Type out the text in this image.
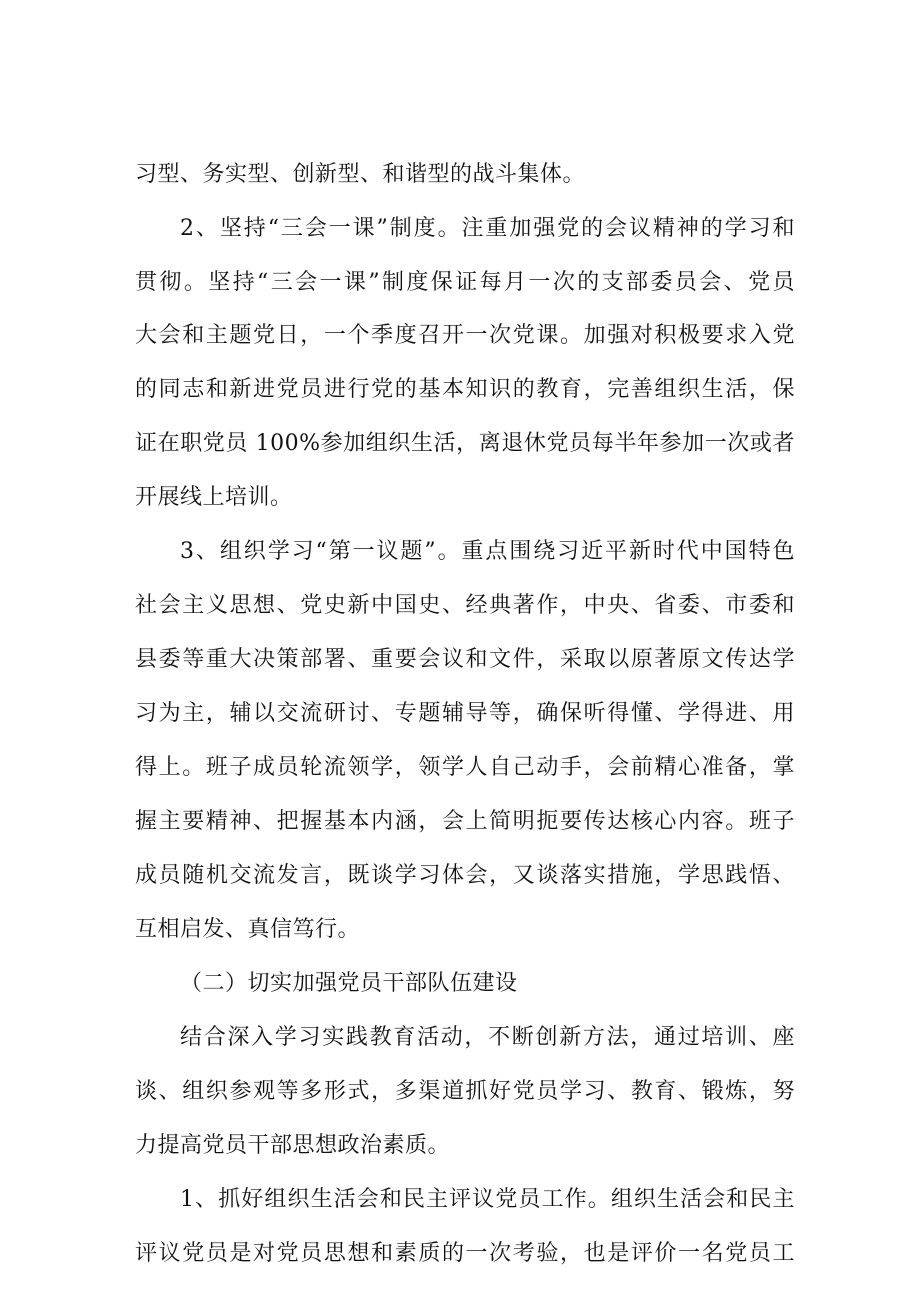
习型、务实型、创新型、和谐型的战斗集体。
2、坚持“三会一课”制度。注重加强党的会议精神的学习和
贯彻。坚持“三会一课”制度保证每月一次的支部委员会、党员
大会和主题党日，一个季度召开一次党课。加强对积极要求入党
的同志和新进党员进行党的基本知识的教育，完善组织生活，保
证在职党员 100%参加组织生活，离退休党员每半年参加一次或者
开展线上培训。
3、组织学习“第一议题”。重点围绕习近平新时代中国特色
社会主义思想、党史新中国史、经典著作，中央、省委、市委和
县委等重大决策部署、重要会议和文件，采取以原著原文传达学
习为主，辅以交流研讨、专题辅导等，确保听得懂、学得进、用
得上。班子成员轮流领学，领学人自己动手，会前精心准备，掌
握主要精神、把握基本内涵，会上简明扼要传达核心内容。班子
成员随机交流发言，既谈学习体会，又谈落实措施，学思践悟、
互相启发、真信笃行。
（二）切实加强党员干部队伍建设
结合深入学习实践教育活动，不断创新方法，通过培训、座
谈、组织参观等多形式，多渠道抓好党员学习、教育、锻炼，努
力提高党员干部思想政治素质。
1、抓好组织生活会和民主评议党员工作。组织生活会和民主
评议党员是对党员思想和素质的一次考验，也是评价一名党员工
